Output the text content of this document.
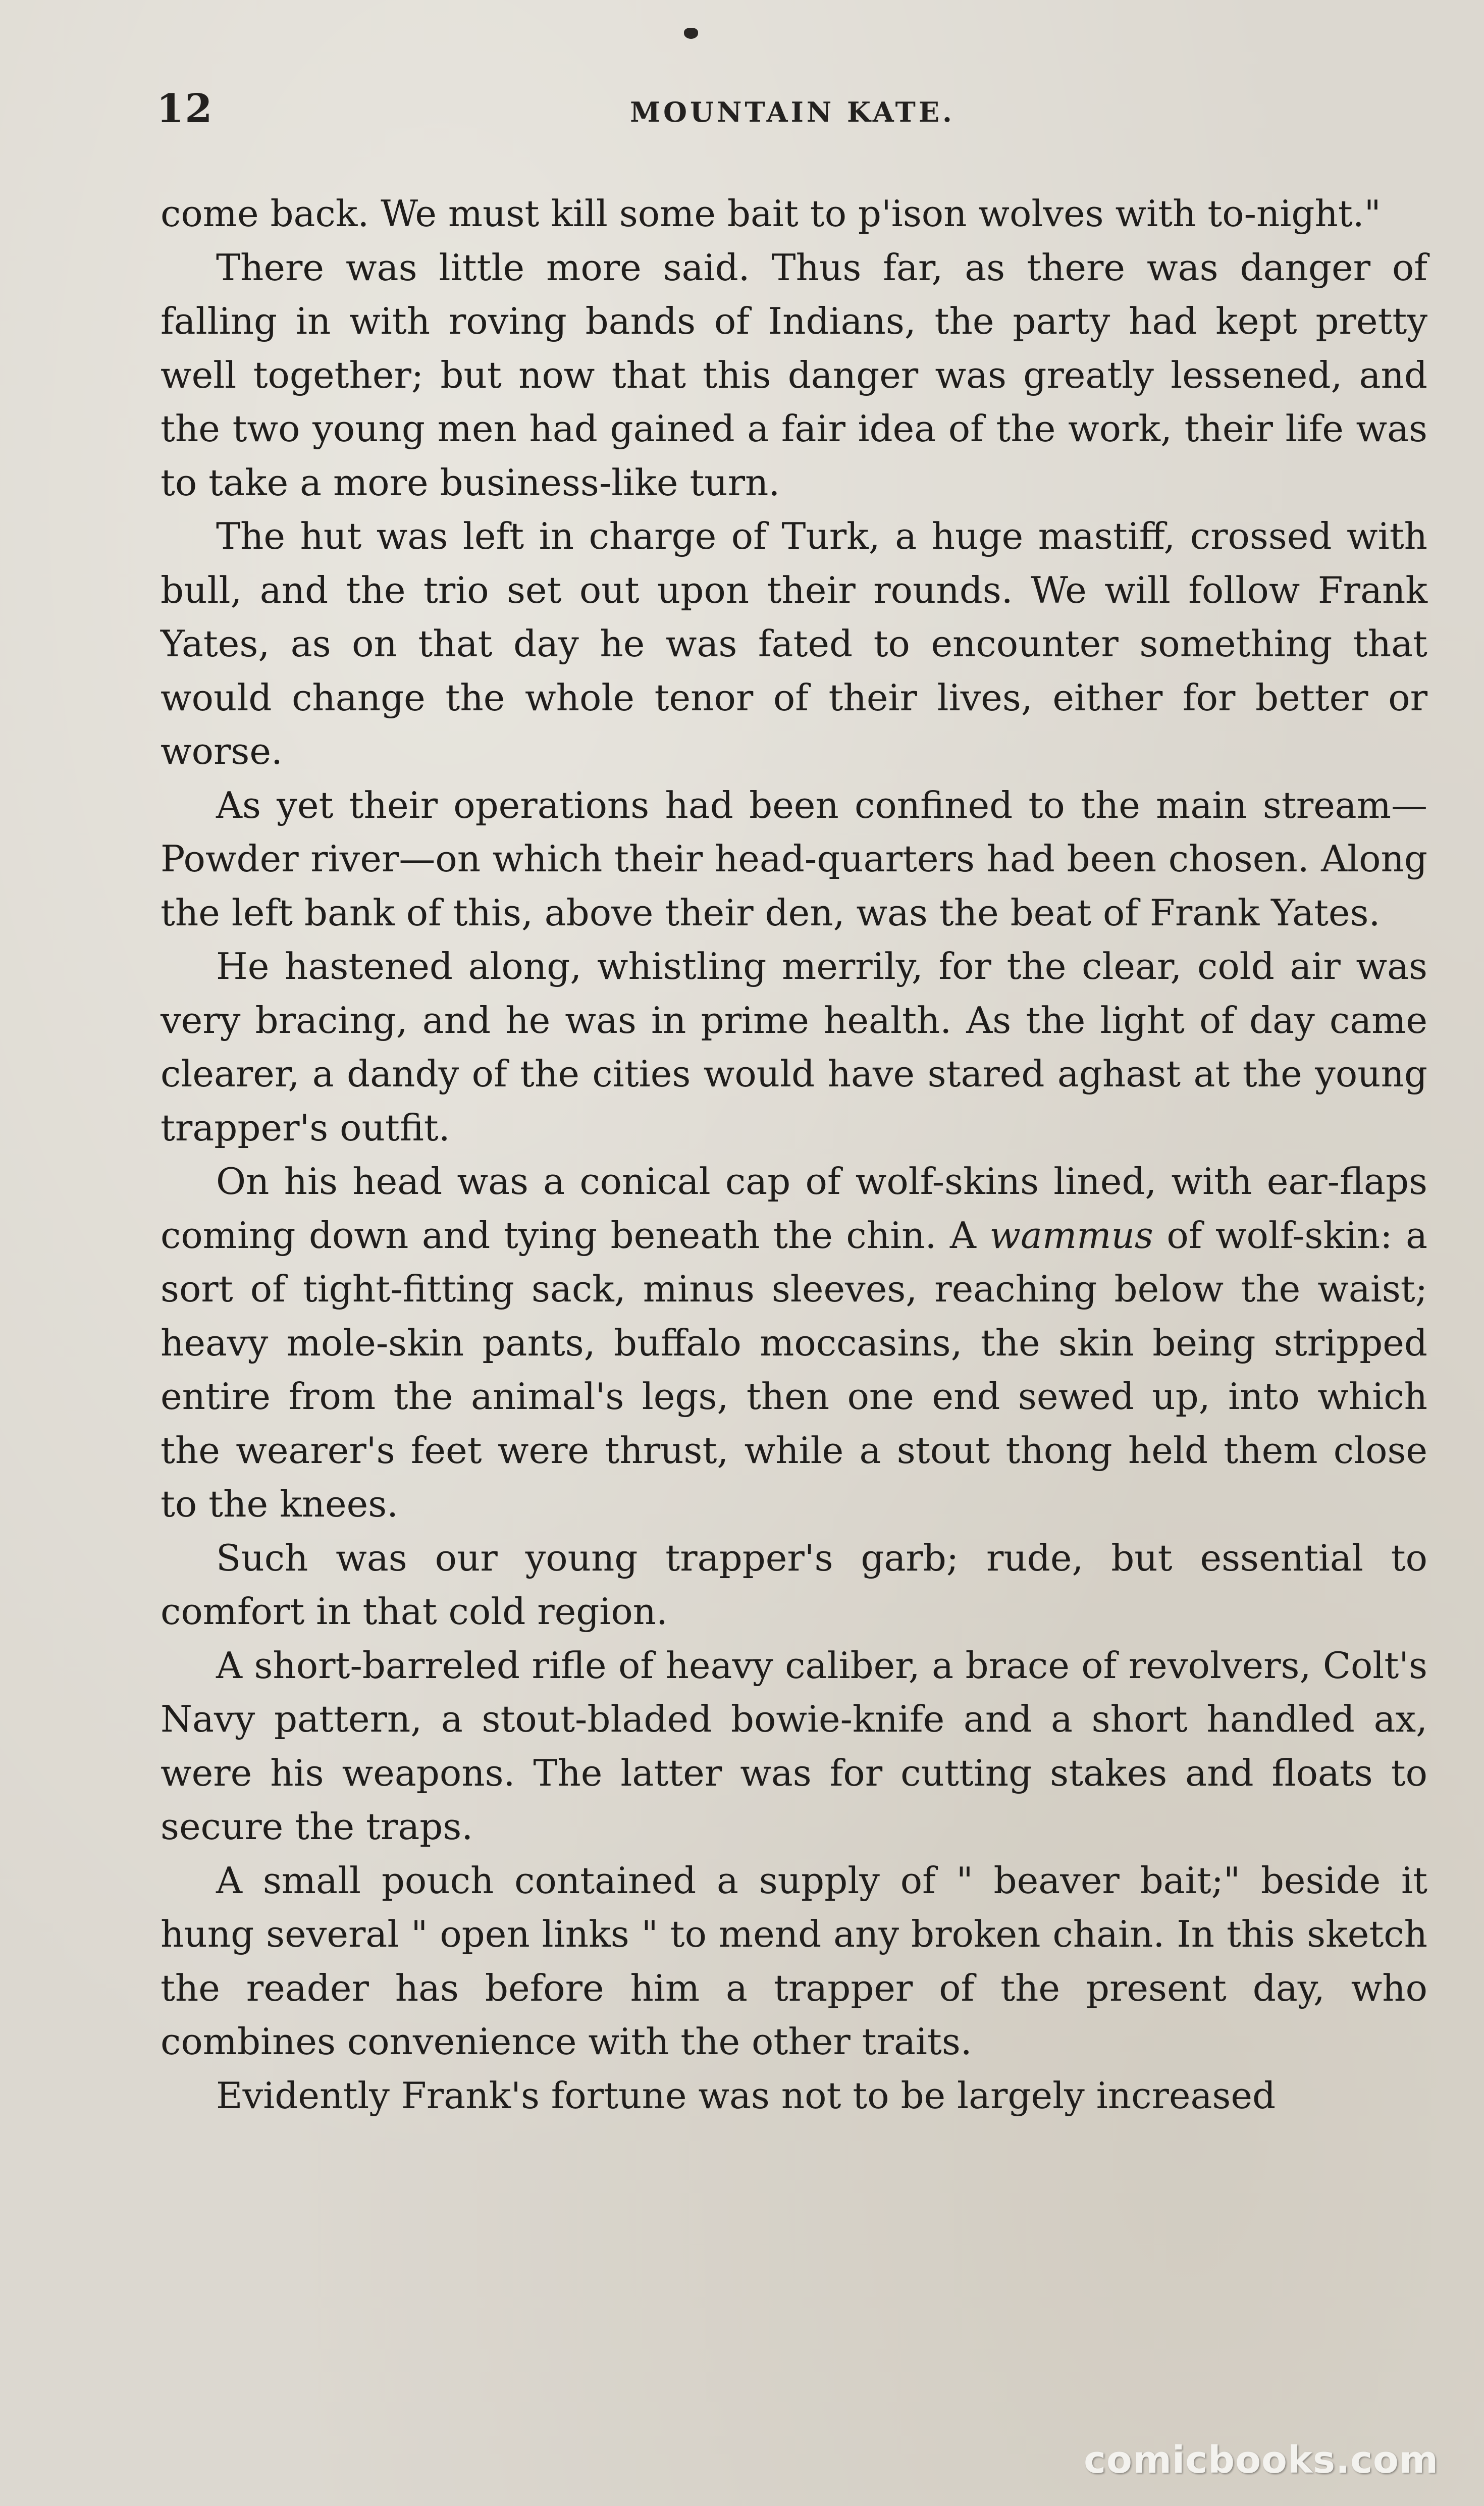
12	MOUNTAIN KATE.

come back. We must kill some bait to p'ison wolves with to-night."

There was little more said. Thus far, as there was danger of falling in with roving bands of Indians, the party had kept pretty well together; but now that this danger was greatly lessened, and the two young men had gained a fair idea of the work, their life was to take a more business-like turn.

The hut was left in charge of Turk, a huge mastiff, crossed with bull, and the trio set out upon their rounds. We will follow Frank Yates, as on that day he was fated to encounter something that would change the whole tenor of their lives, either for better or worse.

As yet their operations had been confined to the main stream—Powder river—on which their head-quarters had been chosen. Along the left bank of this, above their den, was the beat of Frank Yates.

He hastened along, whistling merrily, for the clear, cold air was very bracing, and he was in prime health. As the light of day came clearer, a dandy of the cities would have stared aghast at the young trapper's outfit.

On his head was a conical cap of wolf-skins lined, with ear-flaps coming down and tying beneath the chin. A wammus of wolf-skin: a sort of tight-fitting sack, minus sleeves, reaching below the waist; heavy mole-skin pants, buffalo moccasins, the skin being stripped entire from the animal's legs, then one end sewed up, into which the wearer's feet were thrust, while a stout thong held them close to the knees.

Such was our young trapper's garb; rude, but essential to comfort in that cold region.

A short-barreled rifle of heavy caliber, a brace of revolvers, Colt's Navy pattern, a stout-bladed bowie-knife and a short handled ax, were his weapons. The latter was for cutting stakes and floats to secure the traps.

A small pouch contained a supply of " beaver bait;" beside it hung several " open links " to mend any broken chain. In this sketch the reader has before him a trapper of the present day, who combines convenience with the other traits.

Evidently Frank's fortune was not to be largely increased

comicbooks.com
